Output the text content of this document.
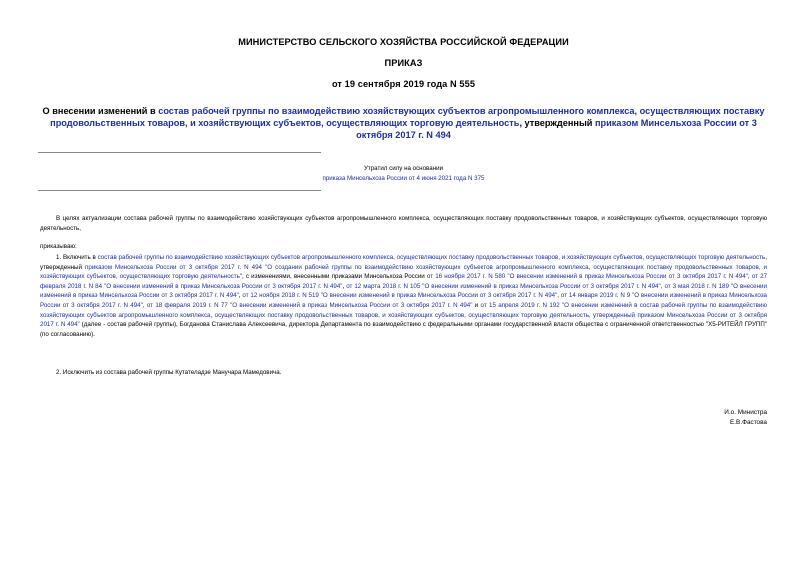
МИНИСТЕРСТВО СЕЛЬСКОГО ХОЗЯЙСТВА РОССИЙСКОЙ ФЕДЕРАЦИИ
ПРИКАЗ
от 19 сентября 2019 года N 555
О внесении изменений в состав рабочей группы по взаимодействию хозяйствующих субъектов агропромышленного комплекса, осуществляющих поставку продовольственных товаров, и хозяйствующих субъектов, осуществляющих торговую деятельность, утвержденный приказом Минсельхоза России от 3 октября 2017 г. N 494
Утратил силу на основании
приказа Минсельхоза России от 4 июня 2021 года N 375
В целях актуализации состава рабочей группы по взаимодействию хозяйствующих субъектов агропромышленного комплекса, осуществляющих поставку продовольственных товаров, и хозяйствующих субъектов, осуществляющих торговую деятельность,
приказываю:
1. Включить в состав рабочей группы по взаимодействию хозяйствующих субъектов агропромышленного комплекса, осуществляющих поставку продовольственных товаров, и хозяйствующих субъектов, осуществляющих торговую деятельность, утвержденный приказом Минсельхоза России от 3 октября 2017 г. N 494 "О создании рабочей группы по взаимодействию хозяйствующих субъектов агропромышленного комплекса, осуществляющих поставку продовольственных товаров, и хозяйствующих субъектов, осуществляющих торговую деятельность", с изменениями, внесенными приказами Минсельхоза России от 16 ноября 2017 г. N 580 "О внесении изменений в приказ Минсельхоза России от 3 октября 2017 г. N 494", от 27 февраля 2018 г. N 84 "О внесении изменений в приказ Минсельхоза России от 3 октября 2017 г. N 494", от 12 марта 2018 г. N 105 "О внесении изменений в приказ Минсельхоза России от 3 октября 2017 г. N 494", от 3 мая 2018 г. N 189 "О внесении изменений в приказ Минсельхоза России от 3 октября 2017 г. N 494", от 12 ноября 2018 г. N 519 "О внесении изменений в приказ Минсельхоза России от 3 октября 2017 г. N 494", от 14 января 2019 г. N 9 "О внесении изменений в приказ Минсельхоза России от 3 октября 2017 г. N 494", от 18 февраля 2019 г. N 77 "О внесении изменений в приказ Минсельхоза России от 3 октября 2017 г. N 494" и от 15 апреля 2019 г. N 192 "О внесении изменений в состав рабочей группы по взаимодействию хозяйствующих субъектов агропромышленного комплекса, осуществляющих поставку продовольственных товаров, и хозяйствующих субъектов, осуществляющих торговую деятельность, утвержденный приказом Минсельхоза России от 3 октября 2017 г. N 494" (далее - состав рабочей группы), Богданова Станислава Алексеевича, директора Департамента по взаимодействию с федеральными органами государственной власти общества с ограниченной ответственностью "Х5-РИТЕЙЛ ГРУПП" (по согласованию).
2. Исключить из состава рабочей группы Кутателадзе Манучара Мамедовича.
И.о. Министра
Е.В.Фастова
